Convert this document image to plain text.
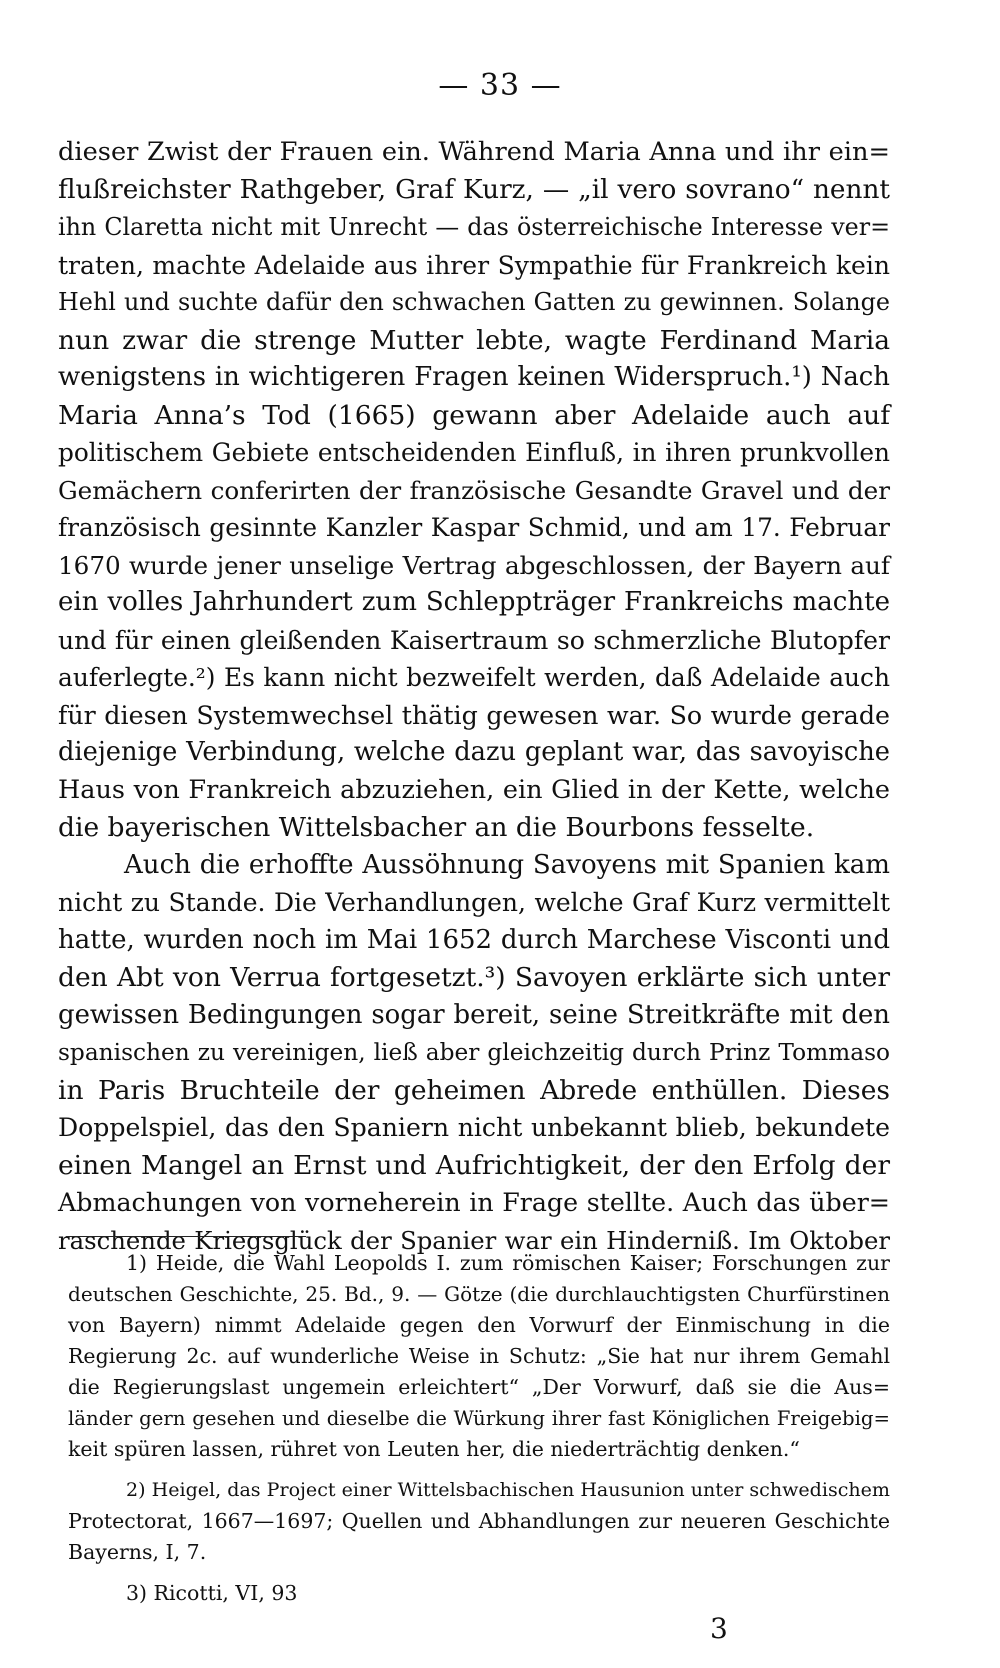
— 33 —
dieser Zwist der Frauen ein. Während Maria Anna und ihr ein=
flußreichster Rathgeber, Graf Kurz, — „il vero sovrano“ nennt
ihn Claretta nicht mit Unrecht — das österreichische Interesse ver=
traten, machte Adelaide aus ihrer Sympathie für Frankreich kein
Hehl und suchte dafür den schwachen Gatten zu gewinnen. Solange
nun zwar die strenge Mutter lebte, wagte Ferdinand Maria
wenigstens in wichtigeren Fragen keinen Widerspruch.¹) Nach
Maria Anna’s Tod (1665) gewann aber Adelaide auch auf
politischem Gebiete entscheidenden Einfluß, in ihren prunkvollen
Gemächern conferirten der französische Gesandte Gravel und der
französisch gesinnte Kanzler Kaspar Schmid, und am 17. Februar
1670 wurde jener unselige Vertrag abgeschlossen, der Bayern auf
ein volles Jahrhundert zum Schleppträger Frankreichs machte
und für einen gleißenden Kaisertraum so schmerzliche Blutopfer
auferlegte.²) Es kann nicht bezweifelt werden, daß Adelaide auch
für diesen Systemwechsel thätig gewesen war. So wurde gerade
diejenige Verbindung, welche dazu geplant war, das savoyische
Haus von Frankreich abzuziehen, ein Glied in der Kette, welche
die bayerischen Wittelsbacher an die Bourbons fesselte.
Auch die erhoffte Aussöhnung Savoyens mit Spanien kam
nicht zu Stande. Die Verhandlungen, welche Graf Kurz vermittelt
hatte, wurden noch im Mai 1652 durch Marchese Visconti und
den Abt von Verrua fortgesetzt.³) Savoyen erklärte sich unter
gewissen Bedingungen sogar bereit, seine Streitkräfte mit den
spanischen zu vereinigen, ließ aber gleichzeitig durch Prinz Tommaso
in Paris Bruchteile der geheimen Abrede enthüllen. Dieses
Doppelspiel, das den Spaniern nicht unbekannt blieb, bekundete
einen Mangel an Ernst und Aufrichtigkeit, der den Erfolg der
Abmachungen von vorneherein in Frage stellte. Auch das über=
raschende Kriegsglück der Spanier war ein Hinderniß. Im Oktober
1) Heide, die Wahl Leopolds I. zum römischen Kaiser; Forschungen zur
deutschen Geschichte, 25. Bd., 9. — Götze (die durchlauchtigsten Churfürstinen
von Bayern) nimmt Adelaide gegen den Vorwurf der Einmischung in die
Regierung 2c. auf wunderliche Weise in Schutz: „Sie hat nur ihrem Gemahl
die Regierungslast ungemein erleichtert“ „Der Vorwurf, daß sie die Aus=
länder gern gesehen und dieselbe die Würkung ihrer fast Königlichen Freigebig=
keit spüren lassen, rühret von Leuten her, die niederträchtig denken.“
2) Heigel, das Project einer Wittelsbachischen Hausunion unter schwedischem
Protectorat, 1667—1697; Quellen und Abhandlungen zur neueren Geschichte
Bayerns, I, 7.
3) Ricotti, VI, 93
3
